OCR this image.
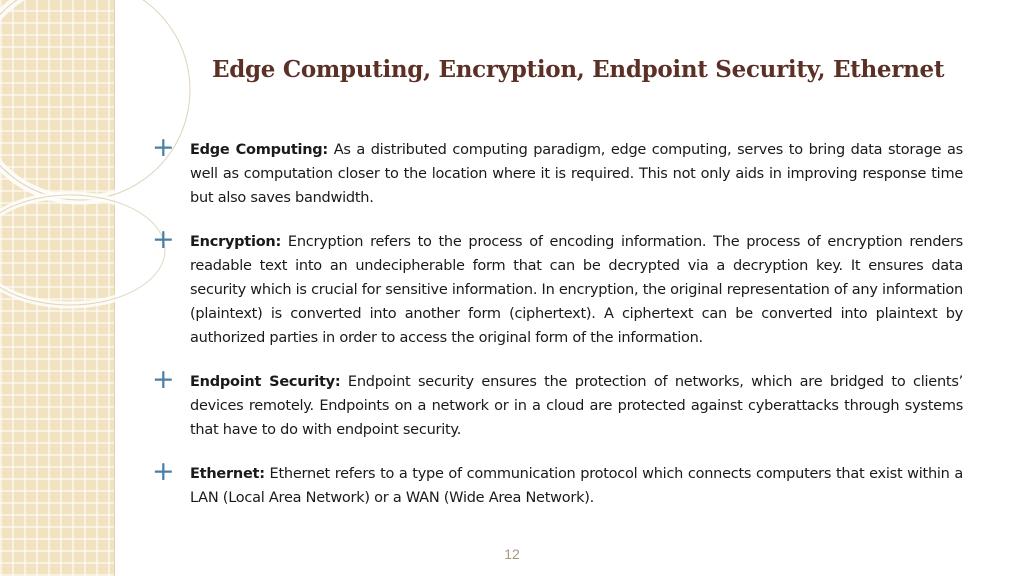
Edge Computing, Encryption, Endpoint Security, Ethernet
+ Edge Computing: As a distributed computing paradigm, edge computing, serves to bring data storage as well as computation closer to the location where it is required. This not only aids in improving response time but also saves bandwidth.

+ Encryption: Encryption refers to the process of encoding information. The process of encryption renders readable text into an undecipherable form that can be decrypted via a decryption key. It ensures data security which is crucial for sensitive information. In encryption, the original representation of any information (plaintext) is converted into another form (ciphertext). A ciphertext can be converted into plaintext by authorized parties in order to access the original form of the information.

+ Endpoint Security: Endpoint security ensures the protection of networks, which are bridged to clients’ devices remotely. Endpoints on a network or in a cloud are protected against cyberattacks through systems that have to do with endpoint security.

+ Ethernet: Ethernet refers to a type of communication protocol which connects computers that exist within a LAN (Local Area Network) or a WAN (Wide Area Network).

12
